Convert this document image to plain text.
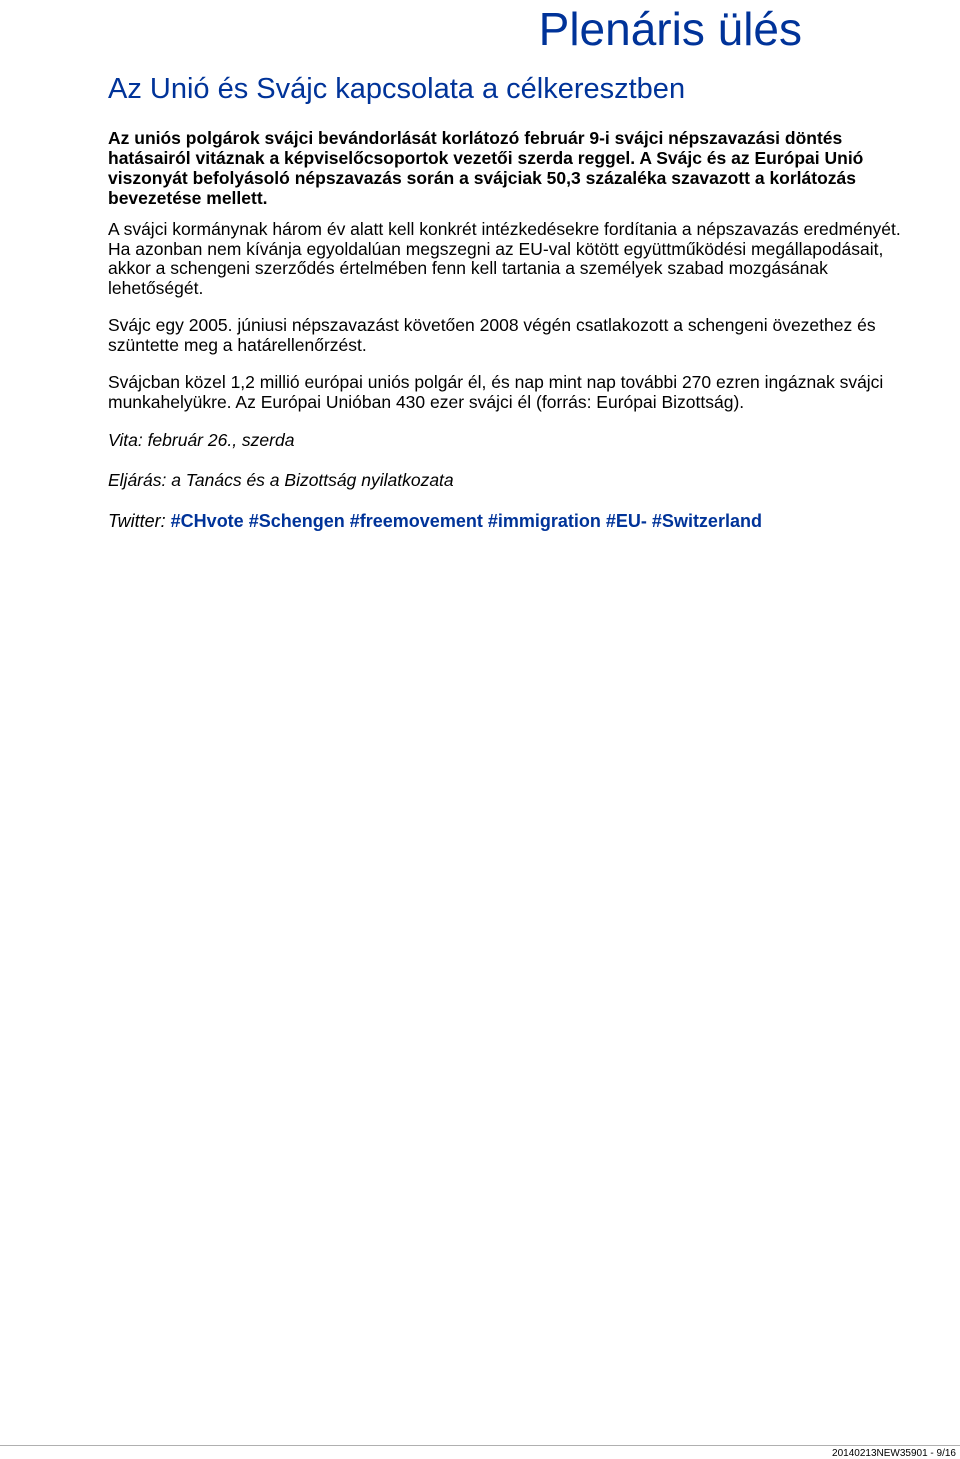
Plenáris ülés
Az Unió és Svájc kapcsolata a célkeresztben

Az uniós polgárok svájci bevándorlását korlátozó február 9-i svájci népszavazási döntés hatásairól vitáznak a képviselőcsoportok vezetői szerda reggel. A Svájc és az Európai Unió viszonyát befolyásoló népszavazás során a svájciak 50,3 százaléka szavazott a korlátozás bevezetése mellett.

A svájci kormánynak három év alatt kell konkrét intézkedésekre fordítania a népszavazás eredményét. Ha azonban nem kívánja egyoldalúan megszegni az EU-val kötött együttműködési megállapodásait, akkor a schengeni szerződés értelmében fenn kell tartania a személyek szabad mozgásának lehetőségét.

Svájc egy 2005. júniusi népszavazást követően 2008 végén csatlakozott a schengeni övezethez és szüntette meg a határellenőrzést.

Svájcban közel 1,2 millió európai uniós polgár él, és nap mint nap további 270 ezren ingáznak svájci munkahelyükre. Az Európai Unióban 430 ezer svájci él (forrás: Európai Bizottság).

Vita: február 26., szerda

Eljárás: a Tanács és a Bizottság nyilatkozata

Twitter: #CHvote #Schengen #freemovement #immigration #EU- #Switzerland

20140213NEW35901 - 9/16
